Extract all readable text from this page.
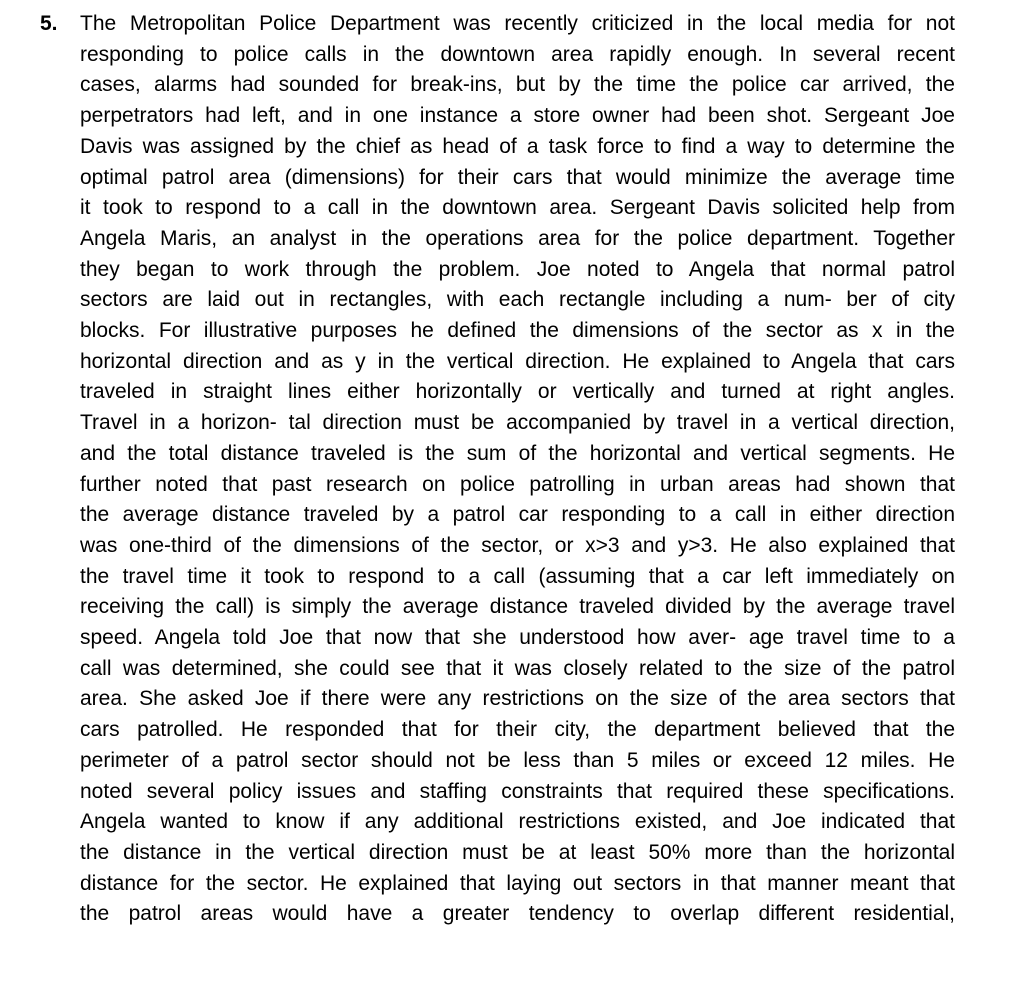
5. The Metropolitan Police Department was recently criticized in the local media for not
responding to police calls in the downtown area rapidly enough. In several recent
cases, alarms had sounded for break-ins, but by the time the police car arrived, the
perpetrators had left, and in one instance a store owner had been shot. Sergeant Joe
Davis was assigned by the chief as head of a task force to find a way to determine the
optimal patrol area (dimensions) for their cars that would minimize the average time
it took to respond to a call in the downtown area. Sergeant Davis solicited help from
Angela Maris, an analyst in the operations area for the police department. Together
they began to work through the problem. Joe noted to Angela that normal patrol
sectors are laid out in rectangles, with each rectangle including a num- ber of city
blocks. For illustrative purposes he defined the dimensions of the sector as x in the
horizontal direction and as y in the vertical direction. He explained to Angela that cars
traveled in straight lines either horizontally or vertically and turned at right angles.
Travel in a horizon- tal direction must be accompanied by travel in a vertical direction,
and the total distance traveled is the sum of the horizontal and vertical segments. He
further noted that past research on police patrolling in urban areas had shown that
the average distance traveled by a patrol car responding to a call in either direction
was one-third of the dimensions of the sector, or x>3 and y>3. He also explained that
the travel time it took to respond to a call (assuming that a car left immediately on
receiving the call) is simply the average distance traveled divided by the average travel
speed. Angela told Joe that now that she understood how aver- age travel time to a
call was determined, she could see that it was closely related to the size of the patrol
area. She asked Joe if there were any restrictions on the size of the area sectors that
cars patrolled. He responded that for their city, the department believed that the
perimeter of a patrol sector should not be less than 5 miles or exceed 12 miles. He
noted several policy issues and staffing constraints that required these specifications.
Angela wanted to know if any additional restrictions existed, and Joe indicated that
the distance in the vertical direction must be at least 50% more than the horizontal
distance for the sector. He explained that laying out sectors in that manner meant that
the patrol areas would have a greater tendency to overlap different residential,
